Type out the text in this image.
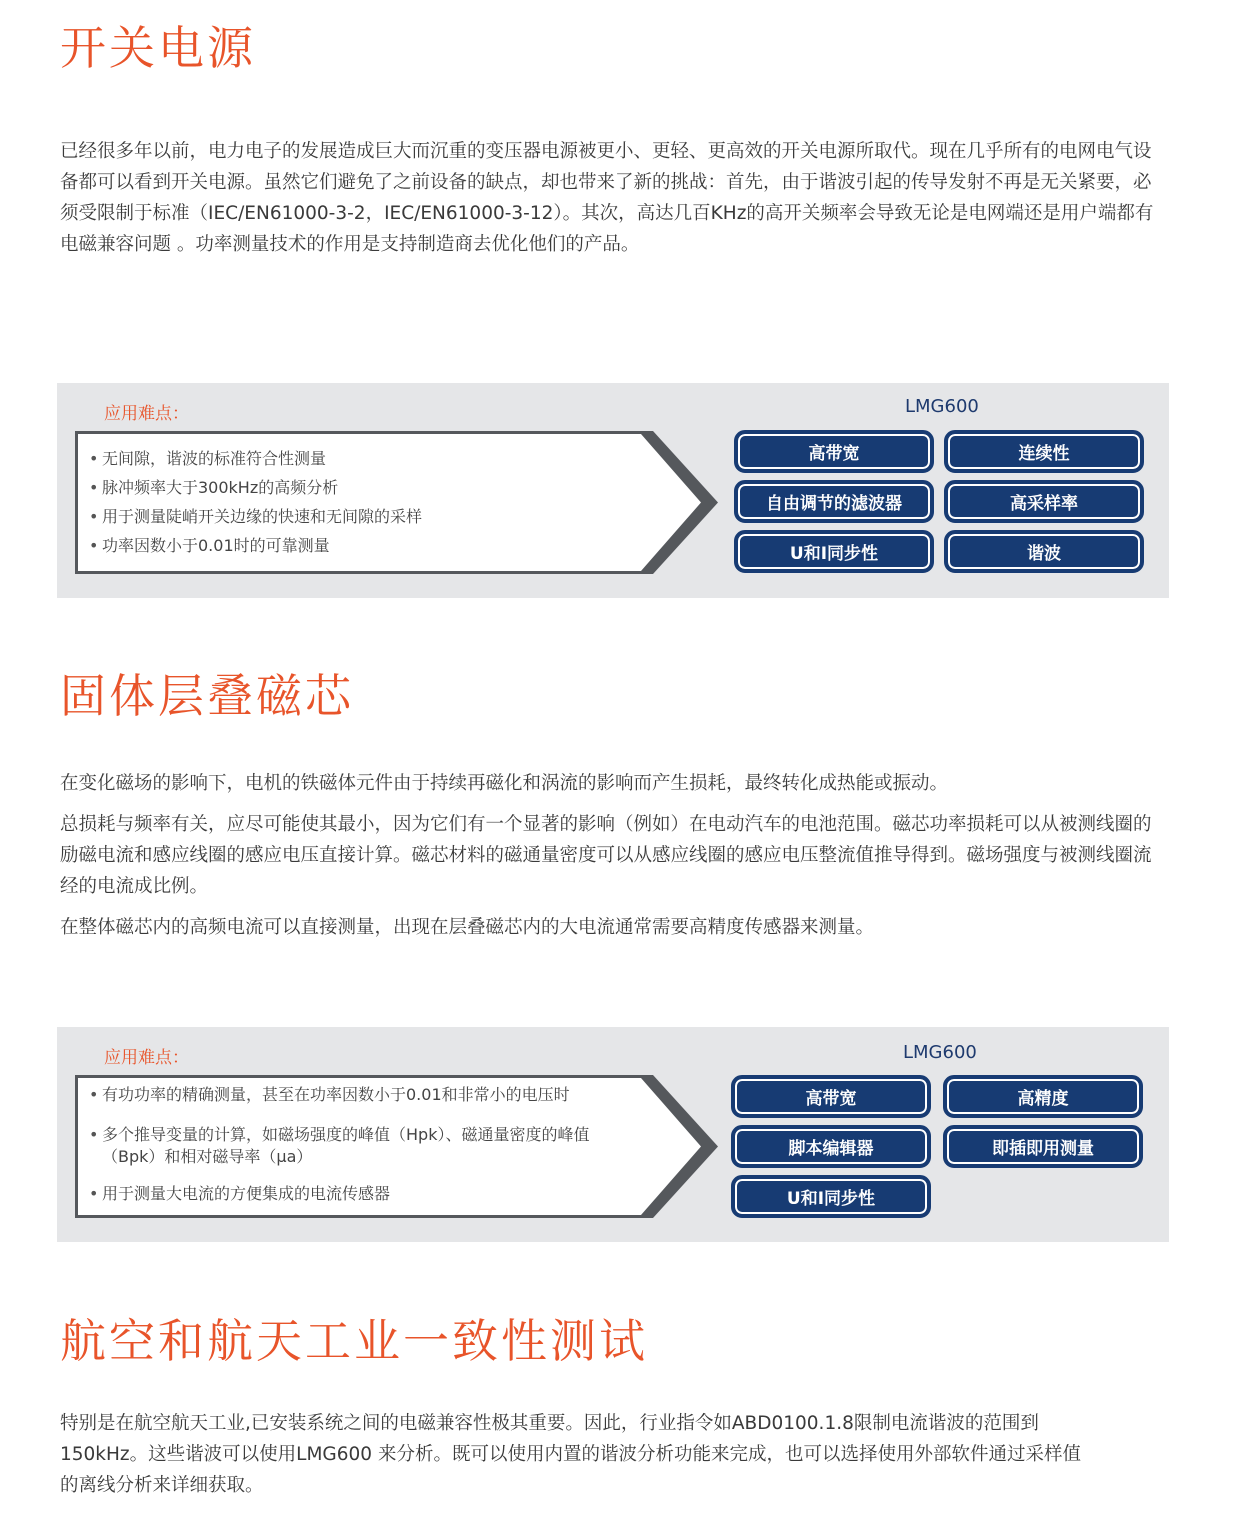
开关电源

已经很多年以前，电力电子的发展造成巨大而沉重的变压器电源被更小、更轻、更高效的开关电源所取代。现在几乎所有的电网电气设备都可以看到开关电源。虽然它们避免了之前设备的缺点，却也带来了新的挑战：首先，由于谐波引起的传导发射不再是无关紧要，必须受限制于标准（IEC/EN61000-3-2，IEC/EN61000-3-12）。其次，高达几百KHz的高开关频率会导致无论是电网端还是用户端都有电磁兼容问题 。功率测量技术的作用是支持制造商去优化他们的产品。

应用难点：
• 无间隙，谐波的标准符合性测量
• 脉冲频率大于300kHz的高频分析
• 用于测量陡峭开关边缘的快速和无间隙的采样
• 功率因数小于0.01时的可靠测量
LMG600
高带宽	连续性
自由调节的滤波器	高采样率
U和I同步性	谐波
固体层叠磁芯

在变化磁场的影响下，电机的铁磁体元件由于持续再磁化和涡流的影响而产生损耗，最终转化成热能或振动。

总损耗与频率有关，应尽可能使其最小，因为它们有一个显著的影响（例如）在电动汽车的电池范围。磁芯功率损耗可以从被测线圈的励磁电流和感应线圈的感应电压直接计算。磁芯材料的磁通量密度可以从感应线圈的感应电压整流值推导得到。磁场强度与被测线圈流经的电流成比例。

在整体磁芯内的高频电流可以直接测量，出现在层叠磁芯内的大电流通常需要高精度传感器来测量。

应用难点：
• 有功功率的精确测量，甚至在功率因数小于0.01和非常小的电压时
• 多个推导变量的计算，如磁场强度的峰值（Hpk）、磁通量密度的峰值（Bpk）和相对磁导率（μa）
• 用于测量大电流的方便集成的电流传感器
LMG600
高带宽	高精度
脚本编辑器	即插即用测量
U和I同步性
航空和航天工业一致性测试

特别是在航空航天工业,已安装系统之间的电磁兼容性极其重要。因此，行业指令如ABD0100.1.8限制电流谐波的范围到150kHz。这些谐波可以使用LMG600 来分析。既可以使用内置的谐波分析功能来完成，也可以选择使用外部软件通过采样值的离线分析来详细获取。
